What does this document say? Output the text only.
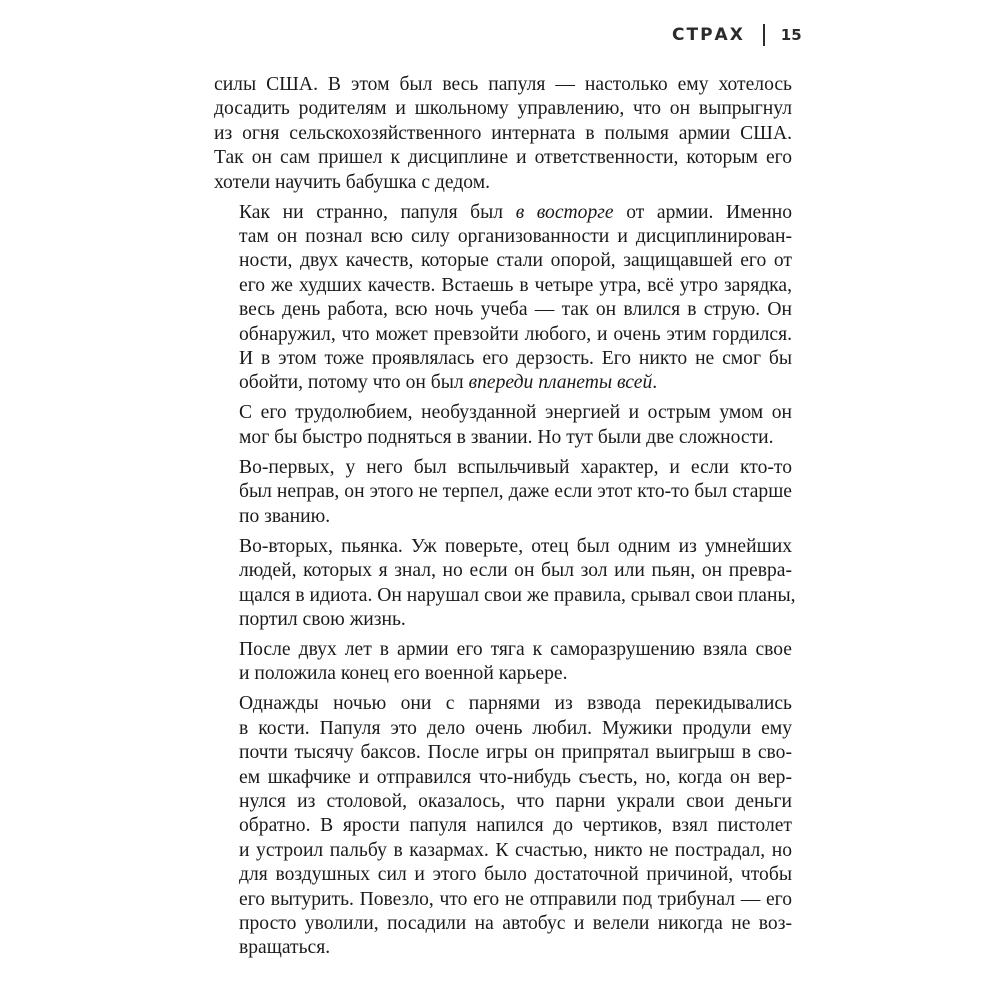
СТРАХ 15

силы США. В этом был весь папуля — настолько ему хотелось
досадить родителям и школьному управлению, что он выпрыгнул
из огня сельскохозяйственного интерната в полымя армии США.
Так он сам пришел к дисциплине и ответственности, которым его
хотели научить бабушка с дедом.

Как ни странно, папуля был в восторге от армии. Именно
там он познал всю силу организованности и дисциплинирован-
ности, двух качеств, которые стали опорой, защищавшей его от
его же худших качеств. Встаешь в четыре утра, всё утро зарядка,
весь день работа, всю ночь учеба — так он влился в струю. Он
обнаружил, что может превзойти любого, и очень этим гордился.
И в этом тоже проявлялась его дерзость. Его никто не смог бы
обойти, потому что он был впереди планеты всей.

С его трудолюбием, необузданной энергией и острым умом он
мог бы быстро подняться в звании. Но тут были две сложности.

Во-первых, у него был вспыльчивый характер, и если кто-то
был неправ, он этого не терпел, даже если этот кто-то был старше
по званию.

Во-вторых, пьянка. Уж поверьте, отец был одним из умнейших
людей, которых я знал, но если он был зол или пьян, он превра-
щался в идиота. Он нарушал свои же правила, срывал свои планы,
портил свою жизнь.

После двух лет в армии его тяга к саморазрушению взяла свое
и положила конец его военной карьере.

Однажды ночью они с парнями из взвода перекидывались
в кости. Папуля это дело очень любил. Мужики продули ему
почти тысячу баксов. После игры он припрятал выигрыш в сво-
ем шкафчике и отправился что-нибудь съесть, но, когда он вер-
нулся из столовой, оказалось, что парни украли свои деньги
обратно. В ярости папуля напился до чертиков, взял пистолет
и устроил пальбу в казармах. К счастью, никто не пострадал, но
для воздушных сил и этого было достаточной причиной, чтобы
его вытурить. Повезло, что его не отправили под трибунал — его
просто уволили, посадили на автобус и велели никогда не воз-
вращаться.
